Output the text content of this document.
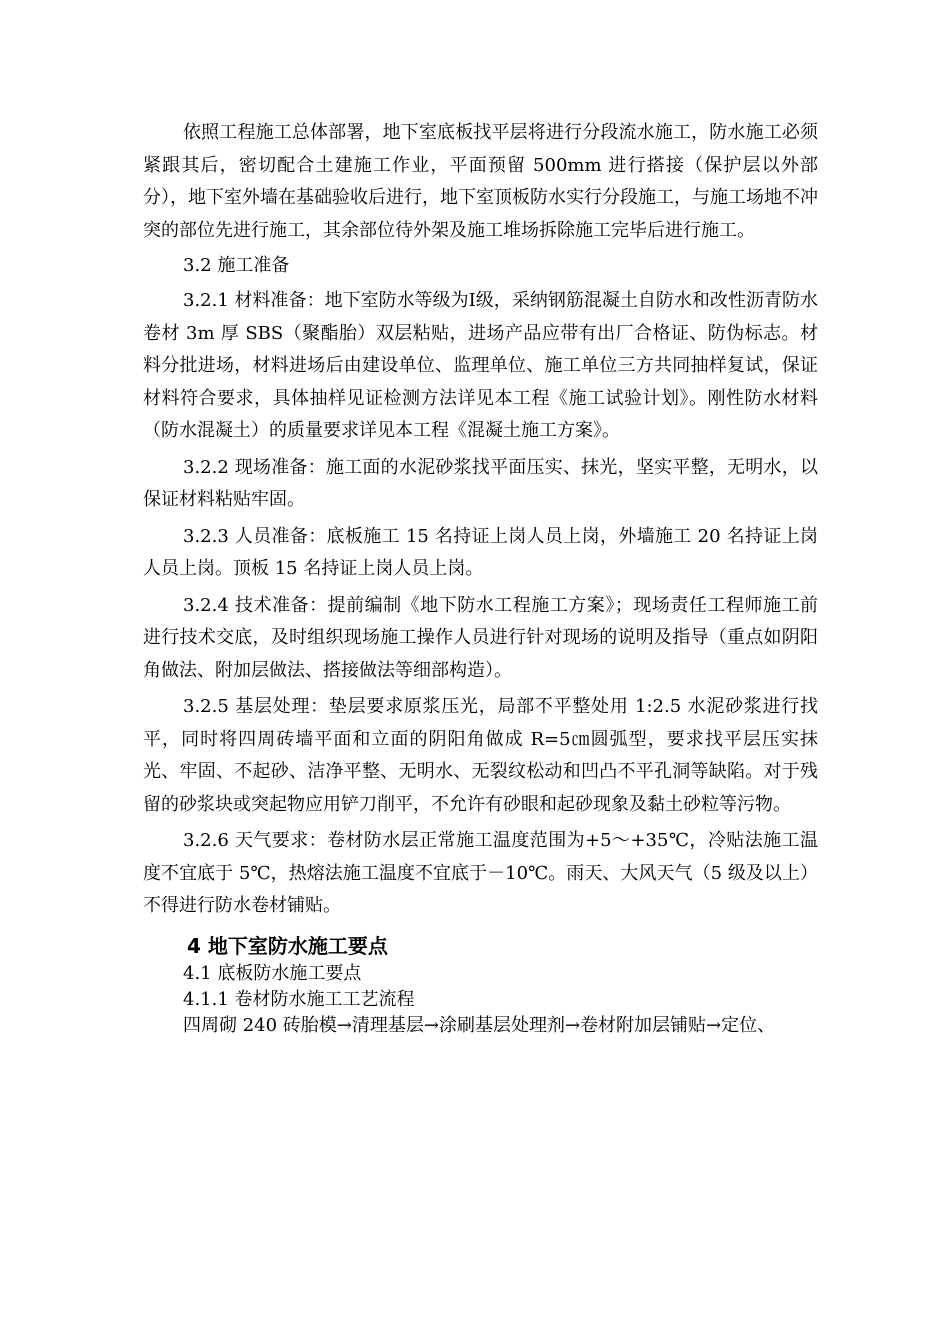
依照工程施工总体部署，地下室底板找平层将进行分段流水施工，防水施工必须紧跟其后，密切配合土建施工作业，平面预留 500mm 进行搭接（保护层以外部分），地下室外墙在基础验收后进行，地下室顶板防水实行分段施工，与施工场地不冲突的部位先进行施工，其余部位待外架及施工堆场拆除施工完毕后进行施工。

3.2 施工准备

3.2.1 材料准备：地下室防水等级为Ⅰ级，采纳钢筋混凝土自防水和改性沥青防水卷材 3m 厚 SBS（聚酯胎）双层粘贴，进场产品应带有出厂合格证、防伪标志。材料分批进场，材料进场后由建设单位、监理单位、施工单位三方共同抽样复试，保证材料符合要求，具体抽样见证检测方法详见本工程《施工试验计划》。刚性防水材料（防水混凝土）的质量要求详见本工程《混凝土施工方案》。

3.2.2 现场准备：施工面的水泥砂浆找平面压实、抹光，坚实平整，无明水，以保证材料粘贴牢固。

3.2.3 人员准备：底板施工 15 名持证上岗人员上岗，外墙施工 20 名持证上岗人员上岗。顶板 15 名持证上岗人员上岗。

3.2.4 技术准备：提前编制《地下防水工程施工方案》；现场责任工程师施工前进行技术交底，及时组织现场施工操作人员进行针对现场的说明及指导（重点如阴阳角做法、附加层做法、搭接做法等细部构造）。

3.2.5 基层处理：垫层要求原浆压光，局部不平整处用 1:2.5 水泥砂浆进行找平，同时将四周砖墙平面和立面的阴阳角做成 R=5㎝圆弧型，要求找平层压实抹光、牢固、不起砂、洁净平整、无明水、无裂纹松动和凹凸不平孔洞等缺陷。对于残留的砂浆块或突起物应用铲刀削平，不允许有砂眼和起砂现象及黏土砂粒等污物。

3.2.6 天气要求：卷材防水层正常施工温度范围为+5～+35℃，冷贴法施工温度不宜底于 5℃，热熔法施工温度不宜底于－10℃。雨天、大风天气（5 级及以上）不得进行防水卷材铺贴。

4 地下室防水施工要点

4.1 底板防水施工要点

4.1.1 卷材防水施工工艺流程

四周砌 240 砖胎模→清理基层→涂刷基层处理剂→卷材附加层铺贴→定位、
